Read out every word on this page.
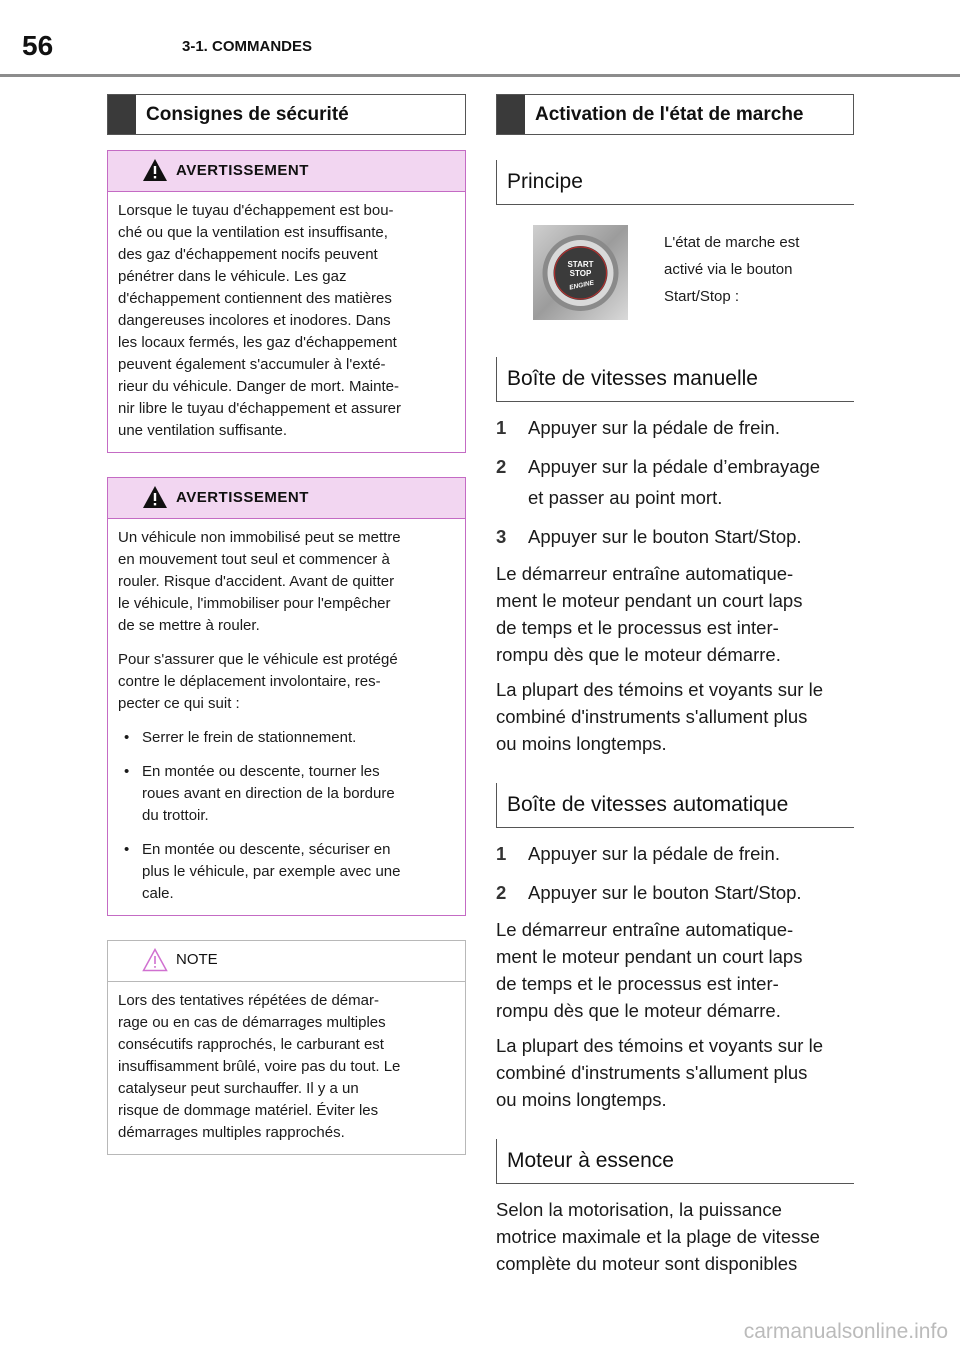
56	3-1. COMMANDES
Consignes de sécurité
AVERTISSEMENT

Lorsque le tuyau d'échappement est bou-
ché ou que la ventilation est insuffisante,
des gaz d'échappement nocifs peuvent
pénétrer dans le véhicule. Les gaz
d'échappement contiennent des matières
dangereuses incolores et inodores. Dans
les locaux fermés, les gaz d'échappement
peuvent également s'accumuler à l'exté-
rieur du véhicule. Danger de mort. Mainte-
nir libre le tuyau d'échappement et assurer
une ventilation suffisante.

AVERTISSEMENT

Un véhicule non immobilisé peut se mettre
en mouvement tout seul et commencer à
rouler. Risque d'accident. Avant de quitter
le véhicule, l'immobiliser pour l'empêcher
de se mettre à rouler.

Pour s'assurer que le véhicule est protégé
contre le déplacement involontaire, res-
pecter ce qui suit :

• Serrer le frein de stationnement.
• En montée ou descente, tourner les
roues avant en direction de la bordure
du trottoir.
• En montée ou descente, sécuriser en
plus le véhicule, par exemple avec une
cale.
NOTE

Lors des tentatives répétées de démar-
rage ou en cas de démarrages multiples
consécutifs rapprochés, le carburant est
insuffisamment brûlé, voire pas du tout. Le
catalyseur peut surchauffer. Il y a un
risque de dommage matériel. Éviter les
démarrages multiples rapprochés.

Activation de l'état de marche
Principe
START
STOP
ENGINE
L'état de marche est
activé via le bouton
Start/Stop :
Boîte de vitesses manuelle
1	Appuyer sur la pédale de frein.
2	Appuyer sur la pédale d’embrayage
et passer au point mort.
3	Appuyer sur le bouton Start/Stop.
Le démarreur entraîne automatique-
ment le moteur pendant un court laps
de temps et le processus est inter-
rompu dès que le moteur démarre.
La plupart des témoins et voyants sur le
combiné d'instruments s'allument plus
ou moins longtemps.
Boîte de vitesses automatique
1	Appuyer sur la pédale de frein.
2	Appuyer sur le bouton Start/Stop.
Le démarreur entraîne automatique-
ment le moteur pendant un court laps
de temps et le processus est inter-
rompu dès que le moteur démarre.
La plupart des témoins et voyants sur le
combiné d'instruments s'allument plus
ou moins longtemps.
Moteur à essence
Selon la motorisation, la puissance
motrice maximale et la plage de vitesse
complète du moteur sont disponibles
carmanualsonline.info
